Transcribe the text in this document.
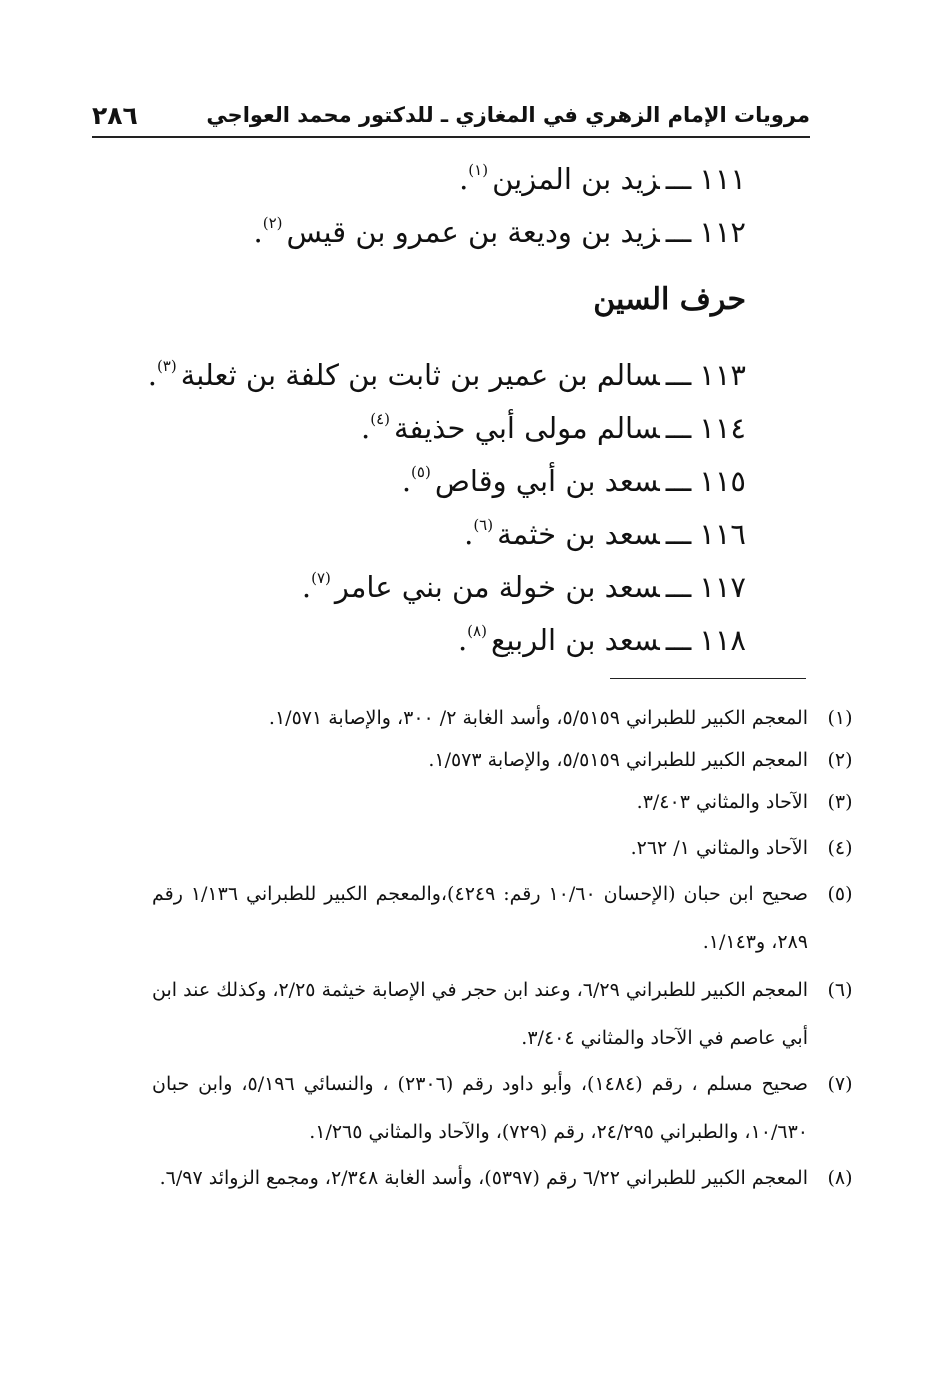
مرويات الإمام الزهري في المغازي ـ للدكتور محمد العواجي
٢٨٦
١١١ـــزيد بن المزين$^{(١)}$.
١١٢ـــزيد بن وديعة بن عمرو بن قيس$^{(٢)}$.
حرف السين
١١٣ـــسالم بن عمير بن ثابت بن كلفة بن ثعلبة$^{(٣)}$.
١١٤ـــسالم مولى أبي حذيفة$^{(٤)}$.
١١٥ـــسعد بن أبي وقاص$^{(٥)}$.
١١٦ـــسعد بن خثمة$^{(٦)}$.
١١٧ـــسعد بن خولة من بني عامر$^{(٧)}$.
١١٨ـــسعد بن الربيع$^{(٨)}$.
(١)
المعجم الكبير للطبراني ٥/٥١٥٩، وأسد الغابة ٢/ ٣٠٠، والإصابة ١/٥٧١.
(٢)
المعجم الكبير للطبراني ٥/٥١٥٩، والإصابة ١/٥٧٣.
(٣)
الآحاد والمثاني ٣/٤٠٣.
(٤)
الآحاد والمثاني ١/ ٢٦٢.
(٥)
صحيح ابن حبان (الإحسان ١٠/٦٠ رقم: ٤٢٤٩)،والمعجم الكبير للطبراني ١/١٣٦ رقم ٢٨٩، و١/١٤٣.
(٦)
المعجم الكبير للطبراني ٦/٢٩، وعند ابن حجر في الإصابة خيثمة ٢/٢٥، وكذلك عند ابن أبي عاصم في الآحاد والمثاني ٣/٤٠٤.
(٧)
صحيح مسلم ، رقم (١٤٨٤)، وأبو داود رقم (٢٣٠٦) ، والنسائي ٥/١٩٦، وابن حبان ١٠/٦٣٠، والطبراني ٢٤/٢٩٥، رقم (٧٢٩)، والآحاد والمثاني ١/٢٦٥.
(٨)
المعجم الكبير للطبراني ٦/٢٢ رقم (٥٣٩٧)، وأسد الغابة ٢/٣٤٨، ومجمع الزوائد ٦/٩٧.
